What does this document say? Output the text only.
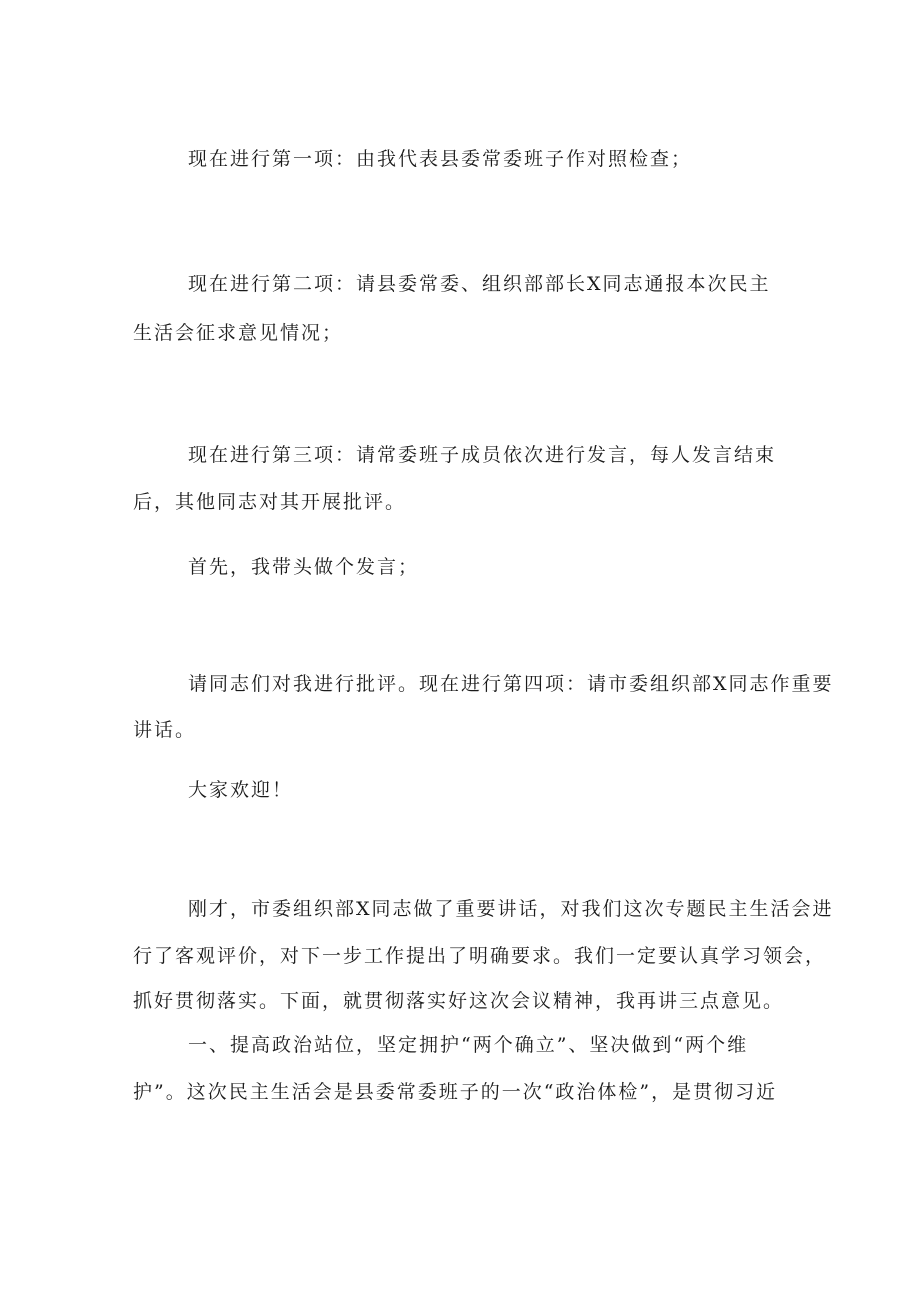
现在进行第一项：由我代表县委常委班子作对照检查；
现在进行第二项：请县委常委、组织部部长X同志通报本次民主
生活会征求意见情况；
现在进行第三项：请常委班子成员依次进行发言，每人发言结束
后，其他同志对其开展批评。
首先，我带头做个发言；
请同志们对我进行批评。现在进行第四项：请市委组织部X同志作重要
讲话。
大家欢迎！
刚才，市委组织部X同志做了重要讲话，对我们这次专题民主生活会进
行了客观评价，对下一步工作提出了明确要求。我们一定要认真学习领会，
抓好贯彻落实。下面，就贯彻落实好这次会议精神，我再讲三点意见。
一、提高政治站位，坚定拥护“两个确立”、坚决做到“两个维
护”。这次民主生活会是县委常委班子的一次“政治体检”，是贯彻习近
